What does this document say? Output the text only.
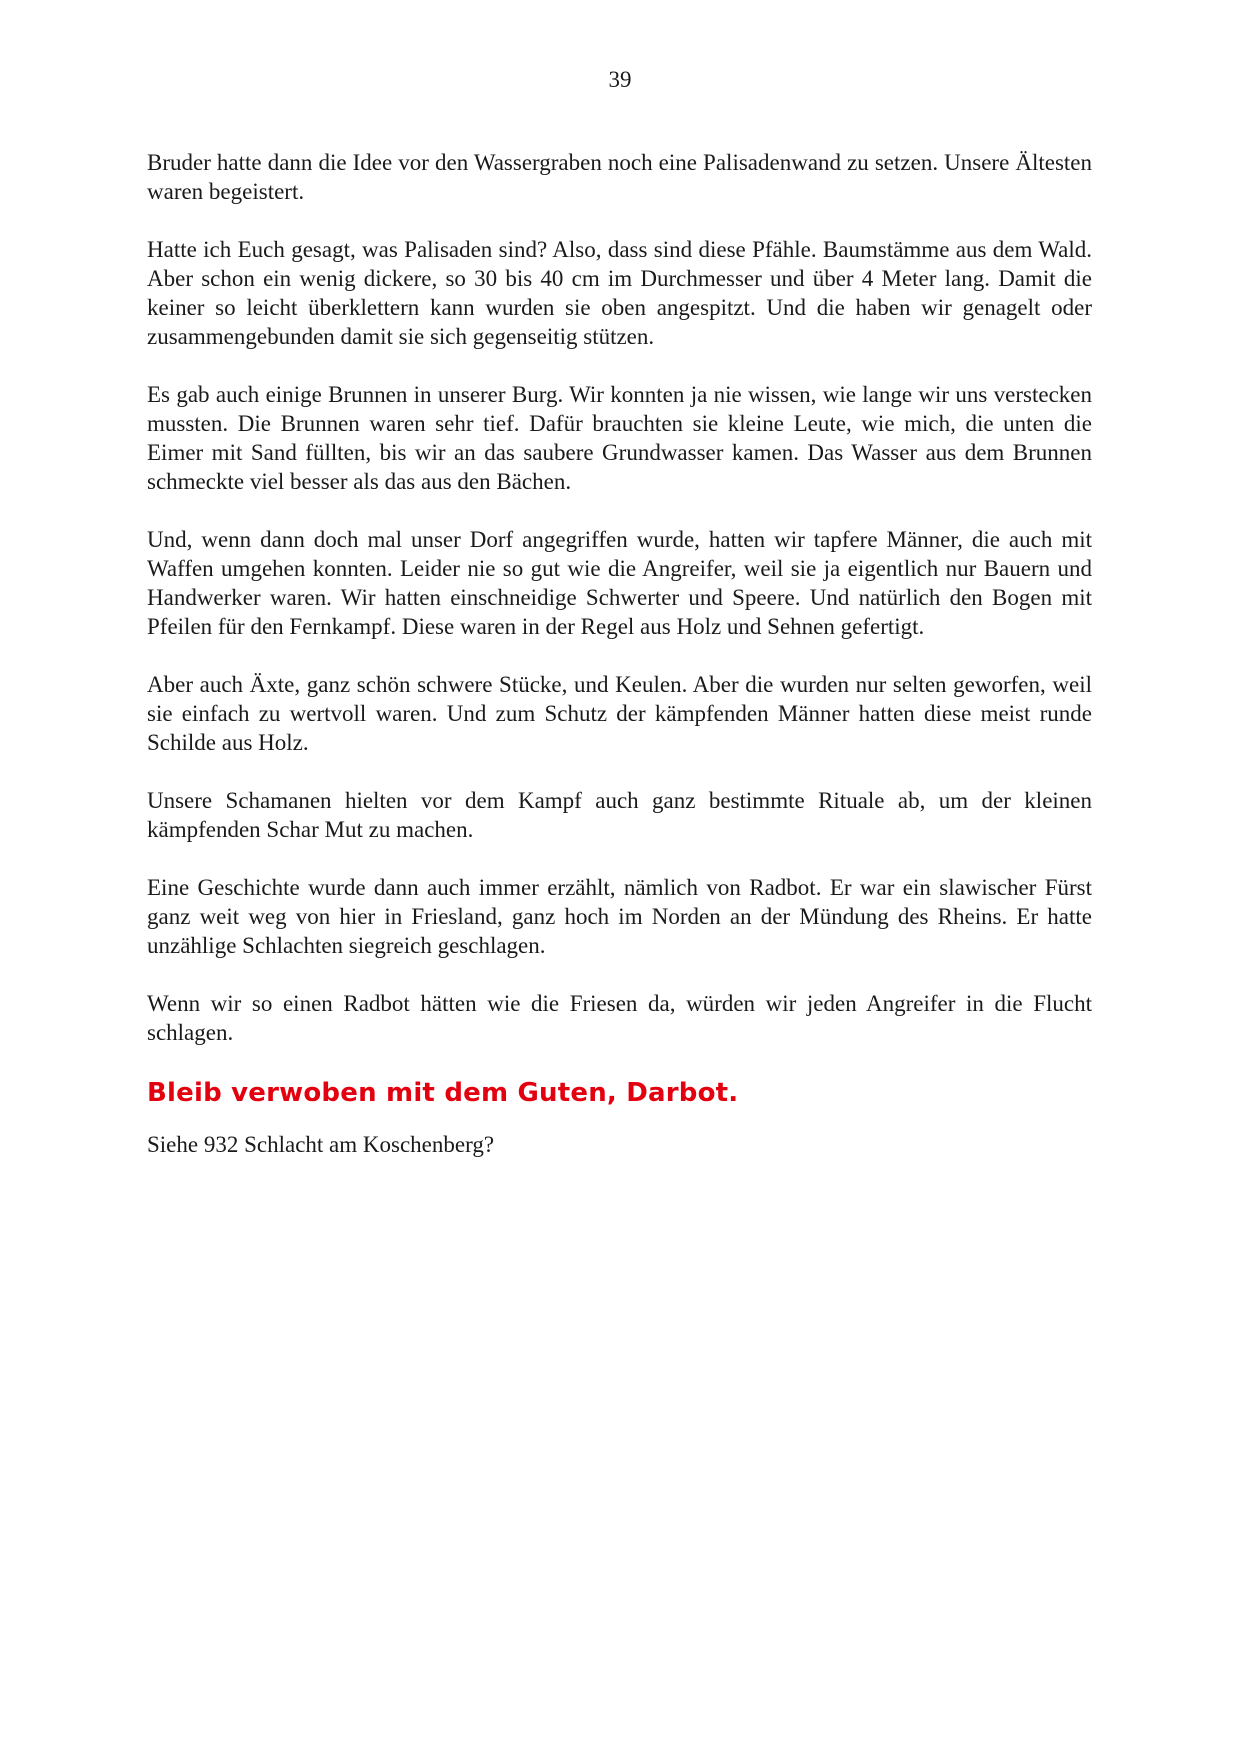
39

Bruder hatte dann die Idee vor den Wassergraben noch eine Palisadenwand zu setzen. Unsere Ältesten waren begeistert.

Hatte ich Euch gesagt, was Palisaden sind? Also, dass sind diese Pfähle. Baumstämme aus dem Wald. Aber schon ein wenig dickere, so 30 bis 40 cm im Durchmesser und über 4 Meter lang. Damit die keiner so leicht überklettern kann wurden sie oben angespitzt. Und die haben wir genagelt oder zusammengebunden damit sie sich gegenseitig stützen.

Es gab auch einige Brunnen in unserer Burg. Wir konnten ja nie wissen, wie lange wir uns verstecken mussten. Die Brunnen waren sehr tief. Dafür brauchten sie kleine Leute, wie mich, die unten die Eimer mit Sand füllten, bis wir an das saubere Grundwasser kamen. Das Wasser aus dem Brunnen schmeckte viel besser als das aus den Bächen.

Und, wenn dann doch mal unser Dorf angegriffen wurde, hatten wir tapfere Männer, die auch mit Waffen umgehen konnten. Leider nie so gut wie die Angreifer, weil sie ja eigentlich nur Bauern und Handwerker waren. Wir hatten einschneidige Schwerter und Speere. Und natürlich den Bogen mit Pfeilen für den Fernkampf. Diese waren in der Regel aus Holz und Sehnen gefertigt.

Aber auch Äxte, ganz schön schwere Stücke, und Keulen. Aber die wurden nur selten geworfen, weil sie einfach zu wertvoll waren. Und zum Schutz der kämpfenden Männer hatten diese meist runde Schilde aus Holz.

Unsere Schamanen hielten vor dem Kampf auch ganz bestimmte Rituale ab, um der kleinen kämpfenden Schar Mut zu machen.

Eine Geschichte wurde dann auch immer erzählt, nämlich von Radbot. Er war ein slawischer Fürst ganz weit weg von hier in Friesland, ganz hoch im Norden an der Mündung des Rheins. Er hatte unzählige Schlachten siegreich geschlagen.

Wenn wir so einen Radbot hätten wie die Friesen da, würden wir jeden Angreifer in die Flucht schlagen.

Bleib verwoben mit dem Guten, Darbot.

Siehe 932 Schlacht am Koschenberg?
